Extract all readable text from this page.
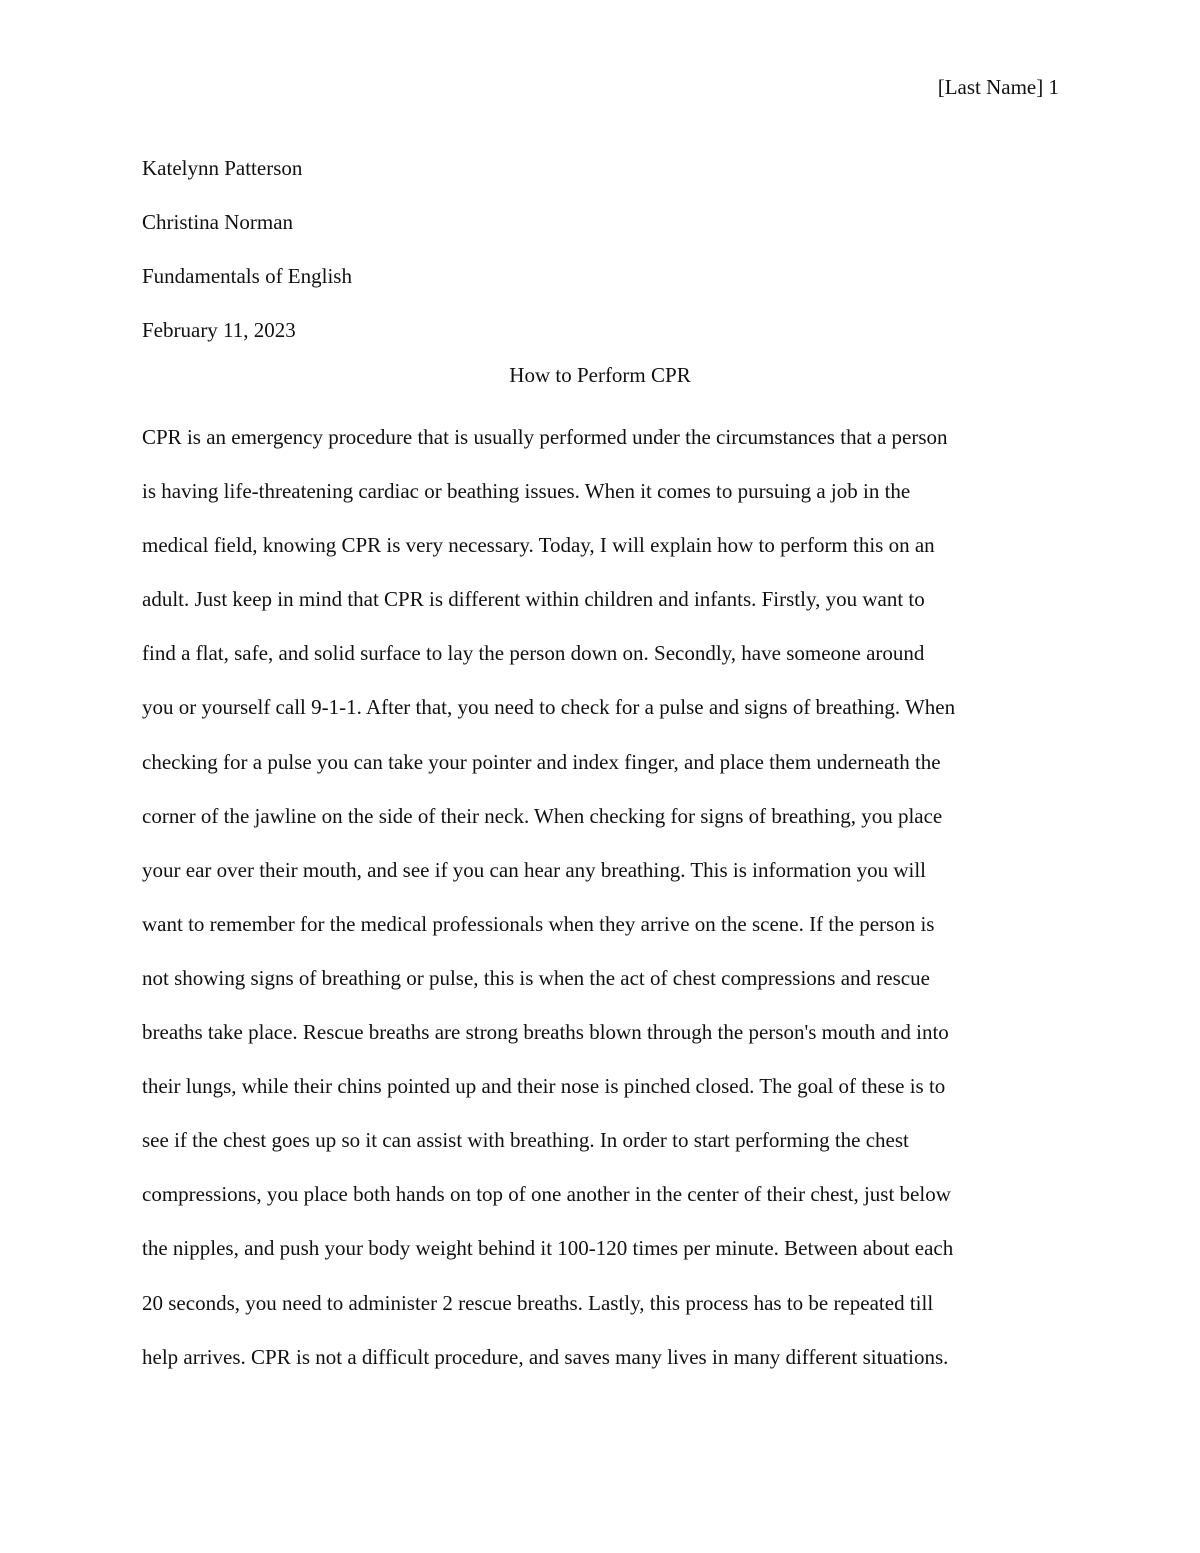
[Last Name] 1
Katelynn Patterson
Christina Norman
Fundamentals of English
February 11, 2023
How to Perform CPR
CPR is an emergency procedure that is usually performed under the circumstances that a person
is having life-threatening cardiac or beathing issues. When it comes to pursuing a job in the
medical field, knowing CPR is very necessary. Today, I will explain how to perform this on an
adult. Just keep in mind that CPR is different within children and infants. Firstly, you want to
find a flat, safe, and solid surface to lay the person down on. Secondly, have someone around
you or yourself call 9-1-1. After that, you need to check for a pulse and signs of breathing. When
checking for a pulse you can take your pointer and index finger, and place them underneath the
corner of the jawline on the side of their neck. When checking for signs of breathing, you place
your ear over their mouth, and see if you can hear any breathing. This is information you will
want to remember for the medical professionals when they arrive on the scene. If the person is
not showing signs of breathing or pulse, this is when the act of chest compressions and rescue
breaths take place. Rescue breaths are strong breaths blown through the person's mouth and into
their lungs, while their chins pointed up and their nose is pinched closed. The goal of these is to
see if the chest goes up so it can assist with breathing. In order to start performing the chest
compressions, you place both hands on top of one another in the center of their chest, just below
the nipples, and push your body weight behind it 100-120 times per minute. Between about each
20 seconds, you need to administer 2 rescue breaths. Lastly, this process has to be repeated till
help arrives. CPR is not a difficult procedure, and saves many lives in many different situations.
